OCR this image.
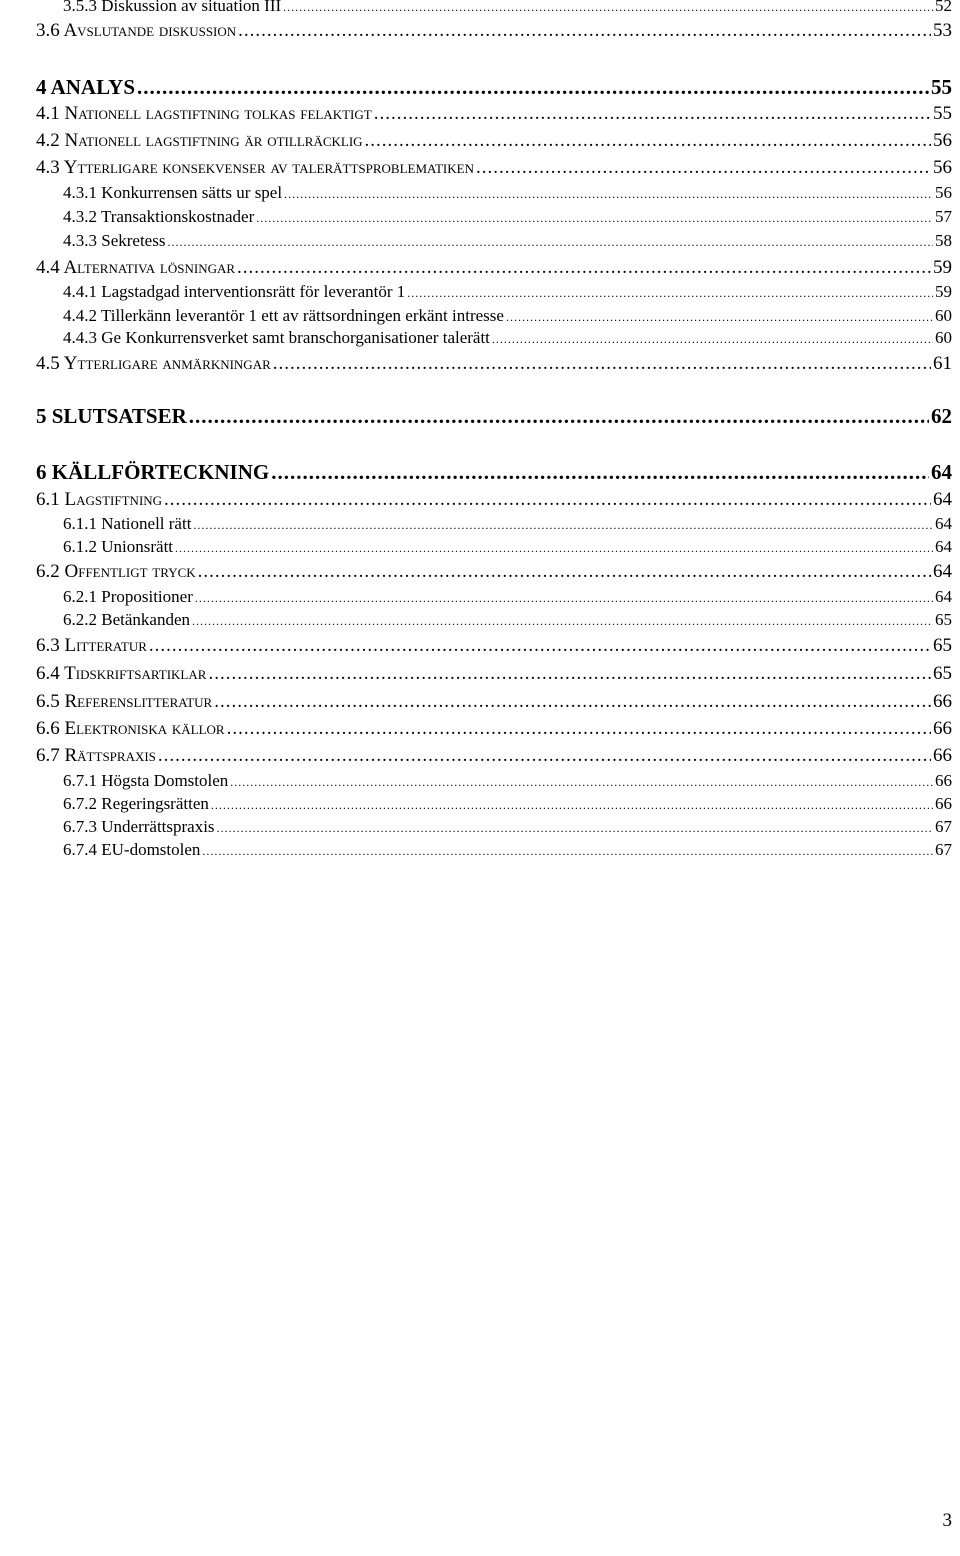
3.5.3 Diskussion av situation III .....	52
3.6 Avslutande diskussion .....	53
4 ANALYS .....	55
4.1 Nationell lagstiftning tolkas felaktigt .....	55
4.2 Nationell lagstiftning är otillräcklig .....	56
4.3 Ytterligare konsekvenser av talerättsproblematiken .....	56
4.3.1 Konkurrensen sätts ur spel .....	56
4.3.2 Transaktionskostnader .....	57
4.3.3 Sekretess .....	58
4.4 Alternativa lösningar .....	59
4.4.1 Lagstadgad interventionsrätt för leverantör 1 .....	59
4.4.2 Tillerkänn leverantör 1 ett av rättsordningen erkänt intresse .....	60
4.4.3 Ge Konkurrensverket samt branschorganisationer talerätt .....	60
4.5 Ytterligare anmärkningar .....	61
5 SLUTSATSER .....	62
6 KÄLLFÖRTECKNING .....	64
6.1 Lagstiftning .....	64
6.1.1 Nationell rätt .....	64
6.1.2 Unionsrätt .....	64
6.2 Offentligt tryck .....	64
6.2.1 Propositioner .....	64
6.2.2 Betänkanden .....	65
6.3 Litteratur .....	65
6.4 Tidskriftsartiklar .....	65
6.5 Referenslitteratur .....	66
6.6 Elektroniska källor .....	66
6.7 Rättspraxis .....	66
6.7.1 Högsta Domstolen .....	66
6.7.2 Regeringsrätten .....	66
6.7.3 Underrättspraxis .....	67
6.7.4 EU-domstolen .....	67
3
